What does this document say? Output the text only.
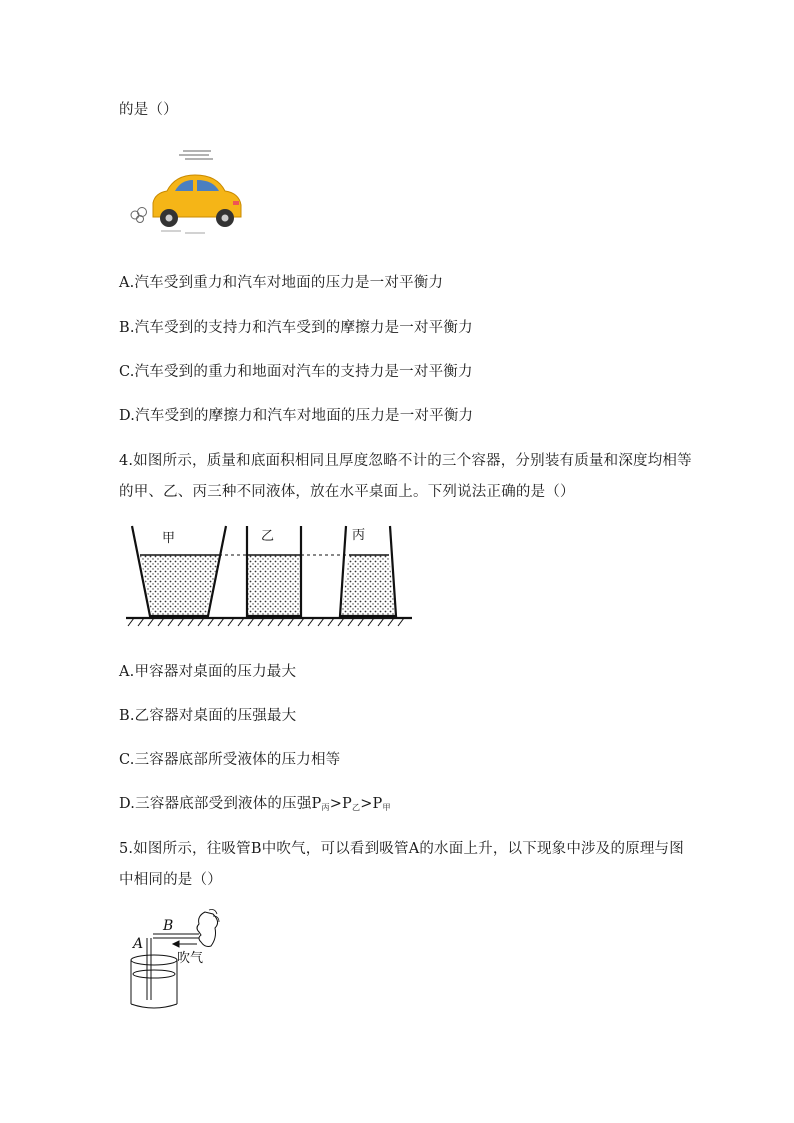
的是（）
A.汽车受到重力和汽车对地面的压力是一对平衡力
B.汽车受到的支持力和汽车受到的摩擦力是一对平衡力
C.汽车受到的重力和地面对汽车的支持力是一对平衡力
D.汽车受到的摩擦力和汽车对地面的压力是一对平衡力
4.如图所示，质量和底面积相同且厚度忽略不计的三个容器，分别装有质量和深度均相等
的甲、乙、丙三种不同液体，放在水平桌面上。下列说法正确的是（）
甲	乙	丙
A.甲容器对桌面的压力最大
B.乙容器对桌面的压强最大
C.三容器底部所受液体的压力相等
D.三容器底部受到液体的压强$P_丙>P_乙>P_甲$
5.如图所示，往吸管B中吹气，可以看到吸管A的水面上升，以下现象中涉及的原理与图
中相同的是（）
A
B
吹气
